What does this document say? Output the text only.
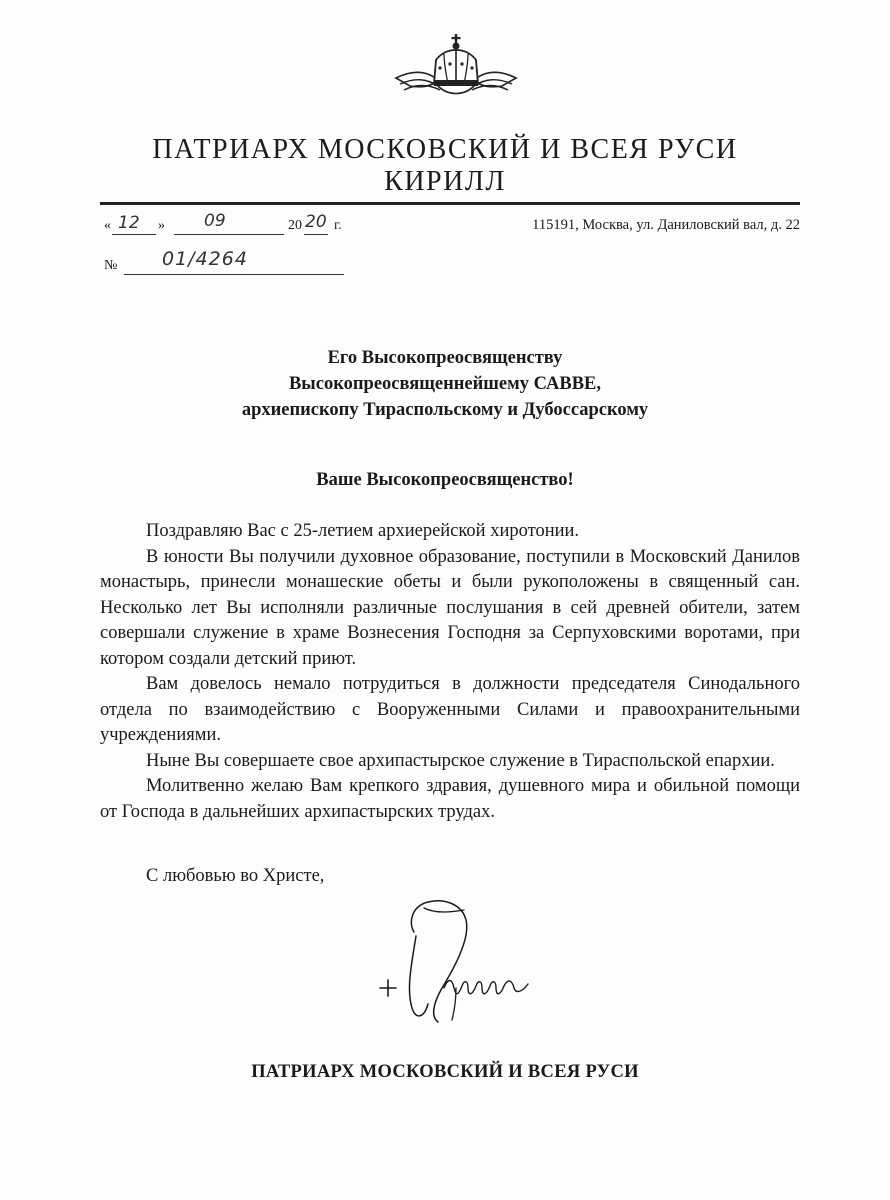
ПАТРИАРХ МОСКОВСКИЙ И ВСЕЯ РУСИ
КИРИЛЛ
« 12 » 09	20 20 г.	115191, Москва, ул. Даниловский вал, д. 22
№ 01/4264
Его Высокопреосвященству
Высокопреосвященнейшему САВВЕ,
архиепископу Тираспольскому и Дубоссарскому
Ваше Высокопреосвященство!

Поздравляю Вас с 25-летием архиерейской хиротонии.

В юности Вы получили духовное образование, поступили в Московский Данилов монастырь, принесли монашеские обеты и были рукоположены в священный сан. Несколько лет Вы исполняли различные послушания в сей древней обители, затем совершали служение в храме Вознесения Господня за Серпуховскими воротами, при котором создали детский приют.

Вам довелось немало потрудиться в должности председателя Синодального отдела по взаимодействию с Вооруженными Силами и правоохранительными учреждениями.

Ныне Вы совершаете свое архипастырское служение в Тираспольской епархии.

Молитвенно желаю Вам крепкого здравия, душевного мира и обильной помощи от Господа в дальнейших архипастырских трудах.

С любовью во Христе,
ПАТРИАРХ МОСКОВСКИЙ И ВСЕЯ РУСИ
